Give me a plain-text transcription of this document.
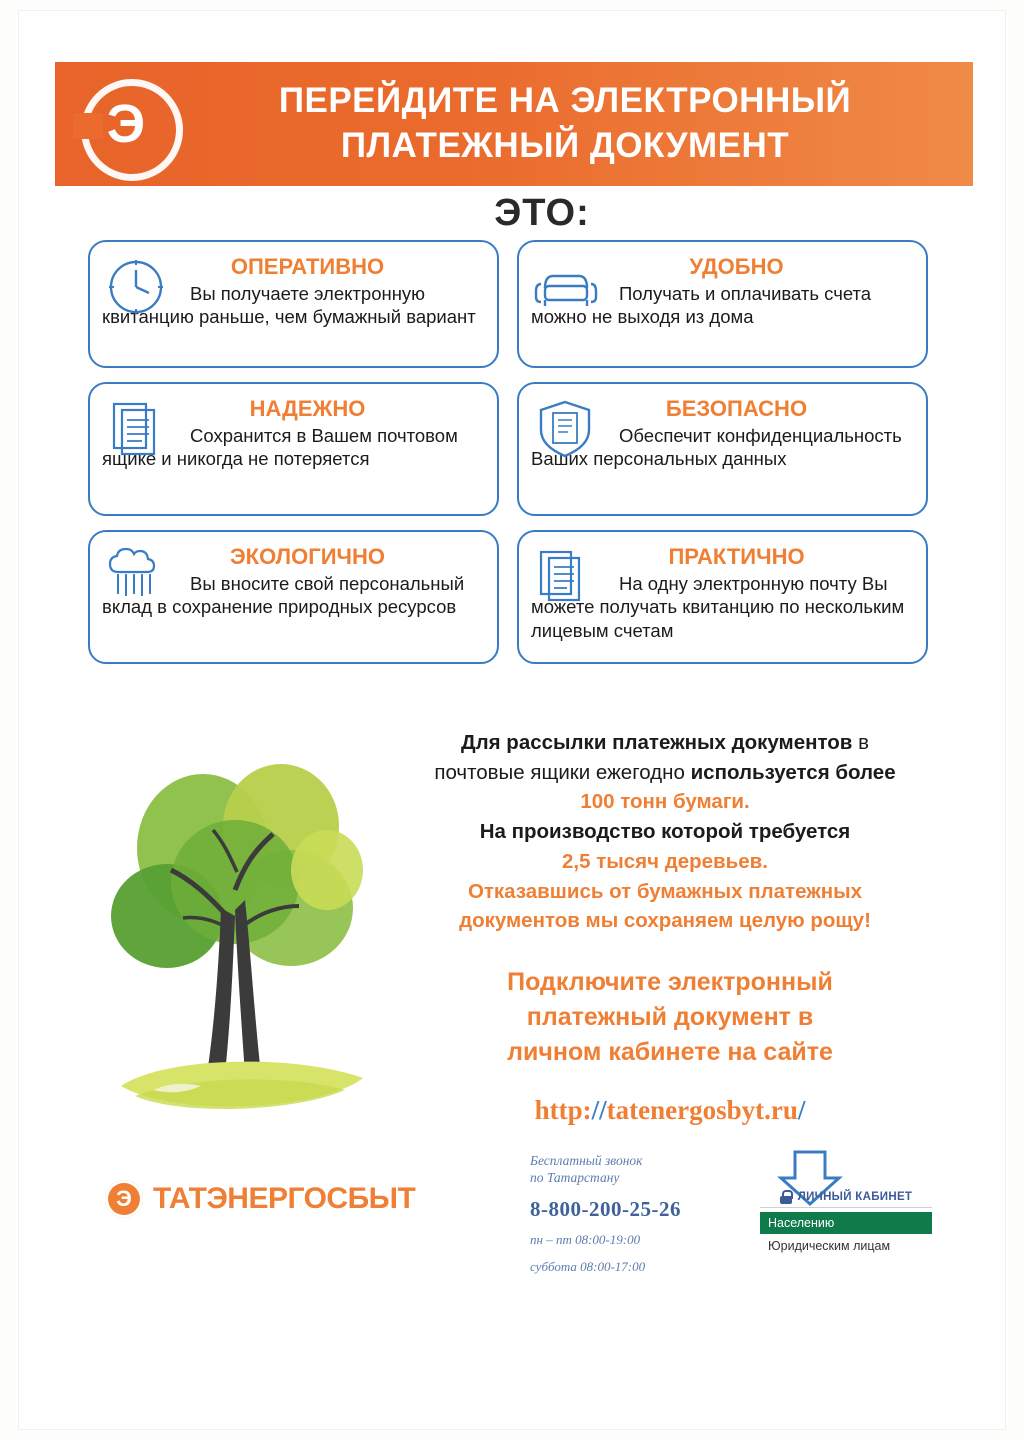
Э	ПЕРЕЙДИТЕ НА ЭЛЕКТРОННЫЙ
ПЛАТЕЖНЫЙ ДОКУМЕНТ
ЭТО:
ОПЕРАТИВНО
Вы получаете электронную квитанцию раньше, чем бумажный вариант
УДОБНО
Получать и оплачивать счета можно не выходя из дома
НАДЕЖНО
Сохранится в Вашем почтовом ящике и никогда не потеряется
БЕЗОПАСНО
Обеспечит конфиденциальность Ваших персональных данных
ЭКОЛОГИЧНО
Вы вносите свой персональный вклад в сохранение природных ресурсов
ПРАКТИЧНО
На одну электронную почту Вы можете получать квитанцию по нескольким лицевым счетам
Для рассылки платежных документов в
почтовые ящики ежегодно используется более
100 тонн бумаги.
На производство которой требуется
2,5 тысяч деревьев.
Отказавшись от бумажных платежных
документов мы сохраняем целую рощу!
Подключите электронный
платежный документ в
личном кабинете на сайте
http://tatenergosbyt.ru/
Бесплатный звонок
по Татарстану
8-800-200-25-26
пн – пт 08:00-19:00
суббота 08:00-17:00
ЛИЧНЫЙ КАБИНЕТ
Населению
Юридическим лицам
Э ТАТЭНЕРГОСБЫТ
